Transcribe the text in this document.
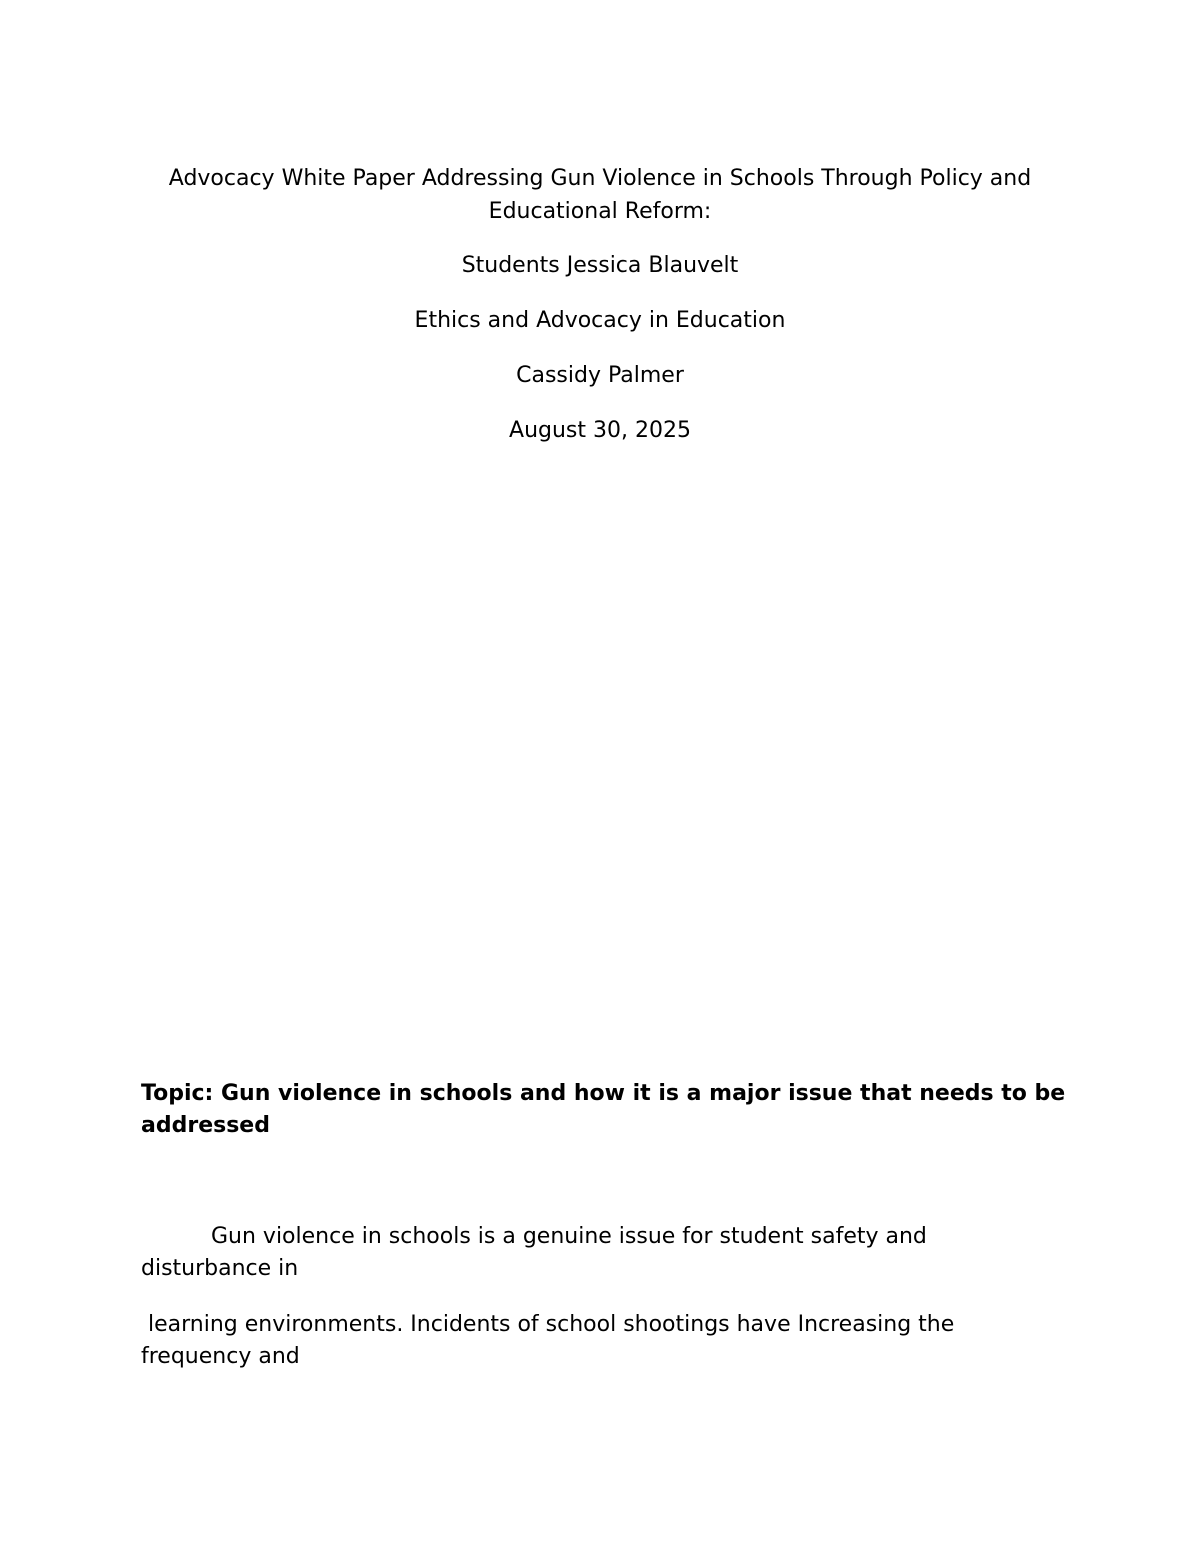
Advocacy White Paper Addressing Gun Violence in Schools Through Policy and Educational Reform:

Students Jessica Blauvelt

Ethics and Advocacy in Education

Cassidy Palmer

August 30, 2025

Topic: Gun violence in schools and how it is a major issue that needs to be addressed

Gun violence in schools is a genuine issue for student safety and disturbance in

learning environments. Incidents of school shootings have Increasing the frequency and
